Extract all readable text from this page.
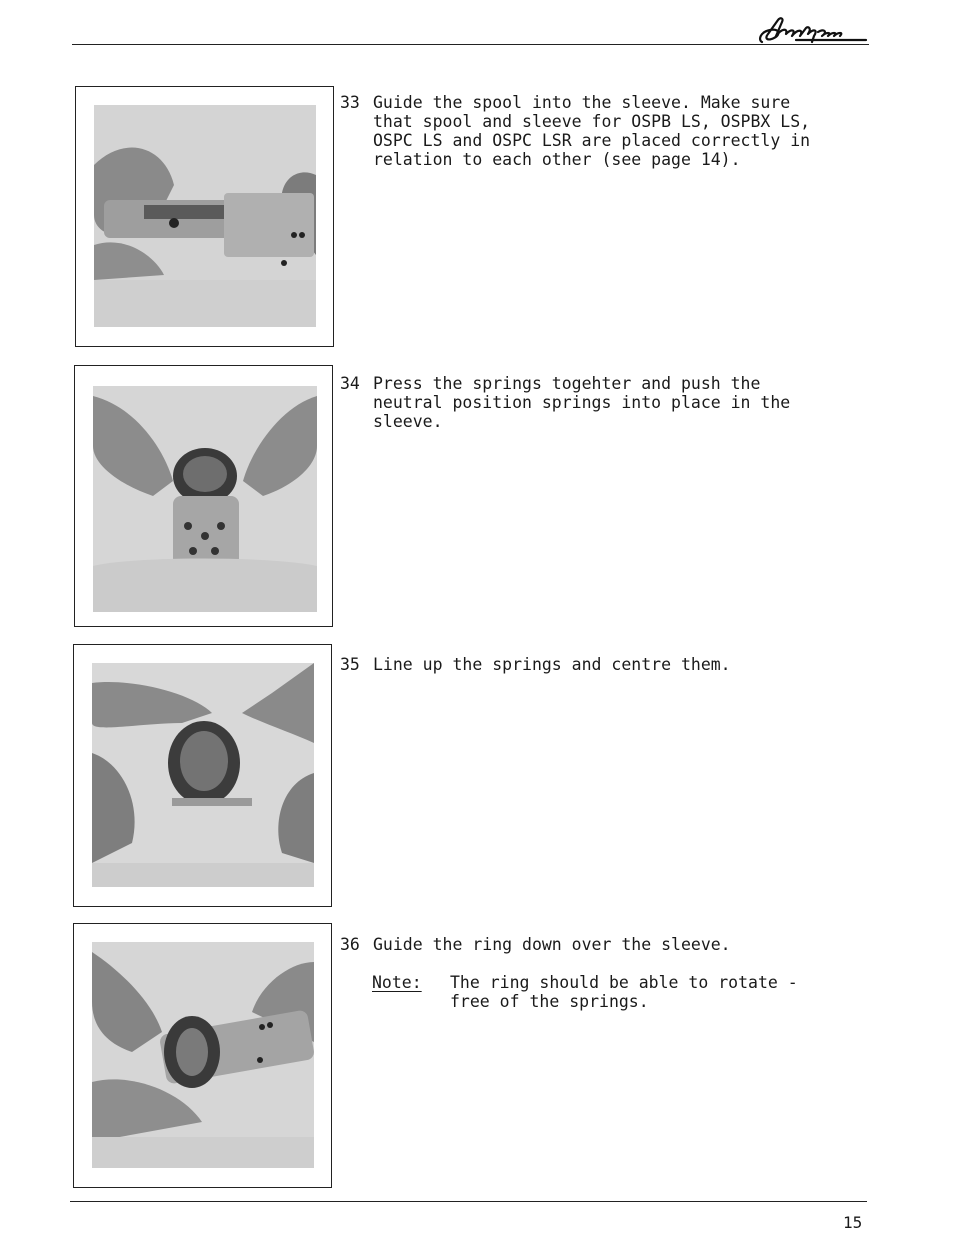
33

Guide the spool into the sleeve. Make sure

that spool and sleeve for OSPB LS, OSPBX LS,

OSPC LS and OSPC LSR are placed correctly in

relation to each other (see page 14).

34

Press the springs togehter and push the

neutral position springs into place in the

sleeve.

35

Line up the springs and centre them.

36

Guide the ring down over the sleeve.

Note:

The ring should be able to rotate -

free of the springs.

15
